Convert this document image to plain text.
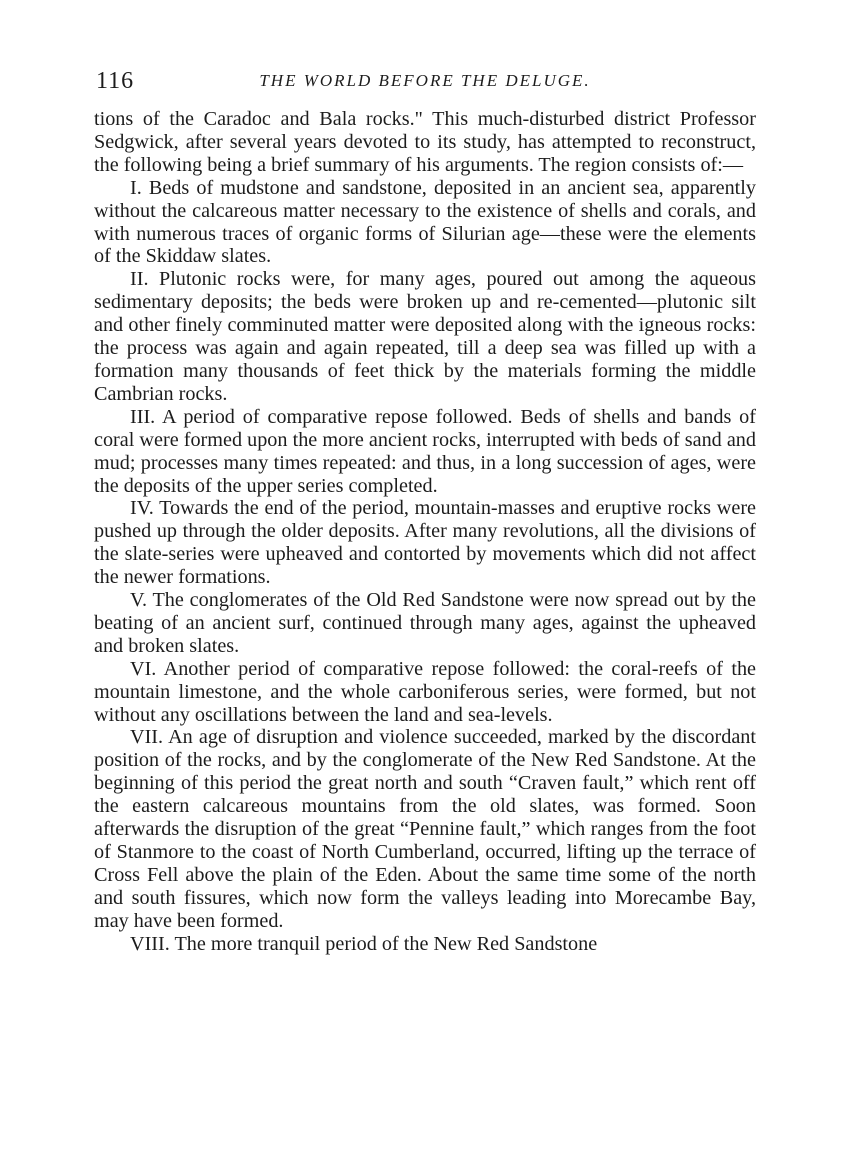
116	THE WORLD BEFORE THE DELUGE.

tions of the Caradoc and Bala rocks." This much-disturbed district Professor Sedgwick, after several years devoted to its study, has attempted to reconstruct, the following being a brief summary of his arguments. The region consists of:—

I. Beds of mudstone and sandstone, deposited in an ancient sea, apparently without the calcareous matter necessary to the existence of shells and corals, and with numerous traces of organic forms of Silurian age—these were the elements of the Skiddaw slates.

II. Plutonic rocks were, for many ages, poured out among the aqueous sedimentary deposits; the beds were broken up and re-cemented—plutonic silt and other finely comminuted matter were deposited along with the igneous rocks: the process was again and again repeated, till a deep sea was filled up with a formation many thousands of feet thick by the materials forming the middle Cambrian rocks.

III. A period of comparative repose followed. Beds of shells and bands of coral were formed upon the more ancient rocks, interrupted with beds of sand and mud; processes many times repeated: and thus, in a long succession of ages, were the deposits of the upper series completed.

IV. Towards the end of the period, mountain-masses and eruptive rocks were pushed up through the older deposits. After many revolutions, all the divisions of the slate-series were upheaved and contorted by movements which did not affect the newer formations.

V. The conglomerates of the Old Red Sandstone were now spread out by the beating of an ancient surf, continued through many ages, against the upheaved and broken slates.

VI. Another period of comparative repose followed: the coral-reefs of the mountain limestone, and the whole carboniferous series, were formed, but not without any oscillations between the land and sea-levels.

VII. An age of disruption and violence succeeded, marked by the discordant position of the rocks, and by the conglomerate of the New Red Sandstone. At the beginning of this period the great north and south “Craven fault,” which rent off the eastern calcareous mountains from the old slates, was formed. Soon afterwards the disruption of the great “Pennine fault,” which ranges from the foot of Stanmore to the coast of North Cumberland, occurred, lifting up the terrace of Cross Fell above the plain of the Eden. About the same time some of the north and south fissures, which now form the valleys leading into Morecambe Bay, may have been formed.

VIII. The more tranquil period of the New Red Sandstone
